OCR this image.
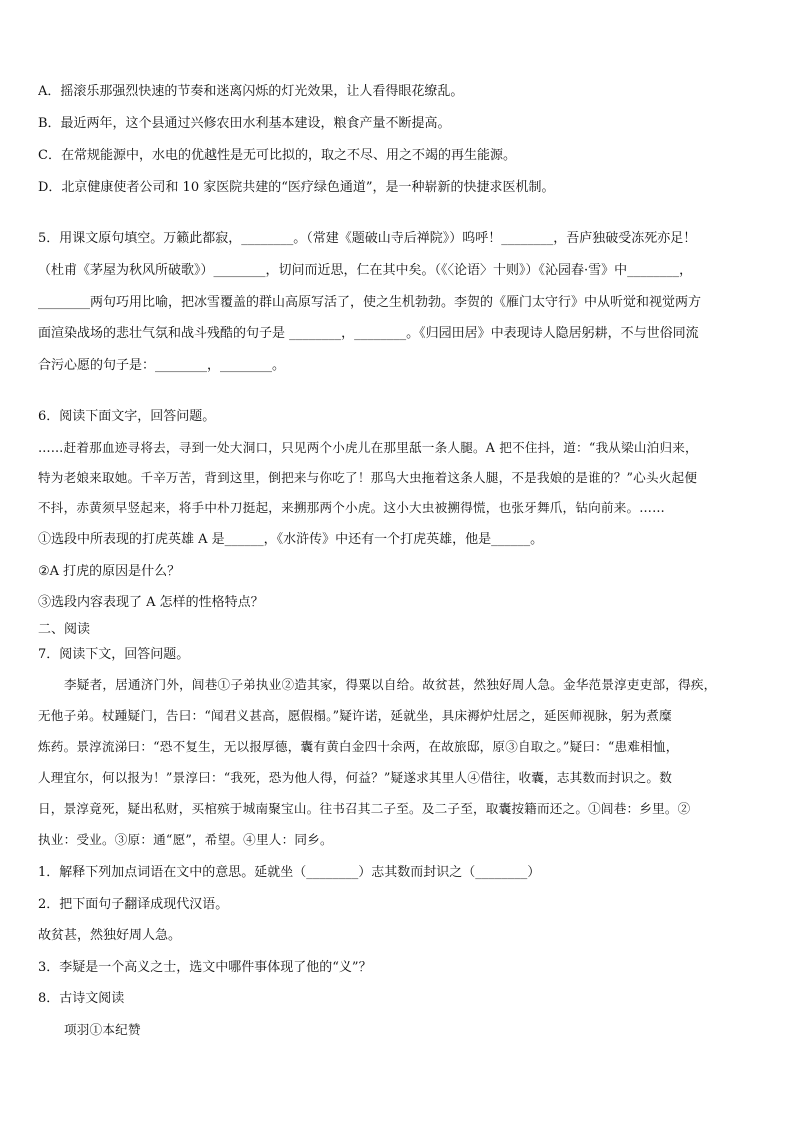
A．摇滚乐那强烈快速的节奏和迷离闪烁的灯光效果，让人看得眼花缭乱。
B．最近两年，这个县通过兴修农田水利基本建设，粮食产量不断提高。
C．在常规能源中，水电的优越性是无可比拟的，取之不尽、用之不竭的再生能源。
D．北京健康使者公司和 10 家医院共建的“医疗绿色通道”，是一种崭新的快捷求医机制。
5．用课文原句填空。万籁此都寂，________。（常建《题破山寺后禅院》）呜呼！________，吾庐独破受冻死亦足！
（杜甫《茅屋为秋风所破歌》）________，切问而近思，仁在其中矣。（《〈论语〉十则》）《沁园春·雪》中________，
________两句巧用比喻，把冰雪覆盖的群山高原写活了，使之生机勃勃。李贺的《雁门太守行》中从听觉和视觉两方
面渲染战场的悲壮气氛和战斗残酷的句子是 ________，________。《归园田居》中表现诗人隐居躬耕，不与世俗同流
合污心愿的句子是：________，________。
6．阅读下面文字，回答问题。
……赶着那血迹寻将去，寻到一处大洞口，只见两个小虎儿在那里舐一条人腿。A 把不住抖，道：“我从梁山泊归来，
特为老娘来取她。千辛万苦，背到这里，倒把来与你吃了！那鸟大虫拖着这条人腿，不是我娘的是谁的？”心头火起便
不抖，赤黄须早竖起来，将手中朴刀挺起，来搠那两个小虎。这小大虫被搠得慌，也张牙舞爪，钻向前来。……
①选段中所表现的打虎英雄 A 是______，《水浒传》中还有一个打虎英雄，他是______。
②A 打虎的原因是什么？
③选段内容表现了 A 怎样的性格特点？
二、阅读
7．阅读下文，回答问题。
李疑者，居通济门外，闾巷①子弟执业②造其家，得粟以自给。故贫甚，然独好周人急。金华范景淳吏吏部，得疾，
无他子弟。杖踵疑门，告曰：“闻君义甚高，愿假榻。”疑许诺，延就坐，具床褥炉灶居之，延医师视脉，躬为煮糜
炼药。景淳流涕曰：“恐不复生，无以报厚德，囊有黄白金四十余两，在故旅邸，原③自取之。”疑曰：“患难相恤，
人理宜尔，何以报为！”景淳曰：“我死，恐为他人得，何益？”疑遂求其里人④借往，收囊，志其数而封识之。数
日，景淳竟死，疑出私财，买棺殡于城南聚宝山。往书召其二子至。及二子至，取囊按籍而还之。①闾巷：乡里。②
执业：受业。③原：通“愿”，希望。④里人：同乡。
1．解释下列加点词语在文中的意思。延就坐（________）志其数而封识之（________）
2．把下面句子翻译成现代汉语。
故贫甚，然独好周人急。
3．李疑是一个高义之士，选文中哪件事体现了他的“义”？
8．古诗文阅读
项羽①本纪赞
